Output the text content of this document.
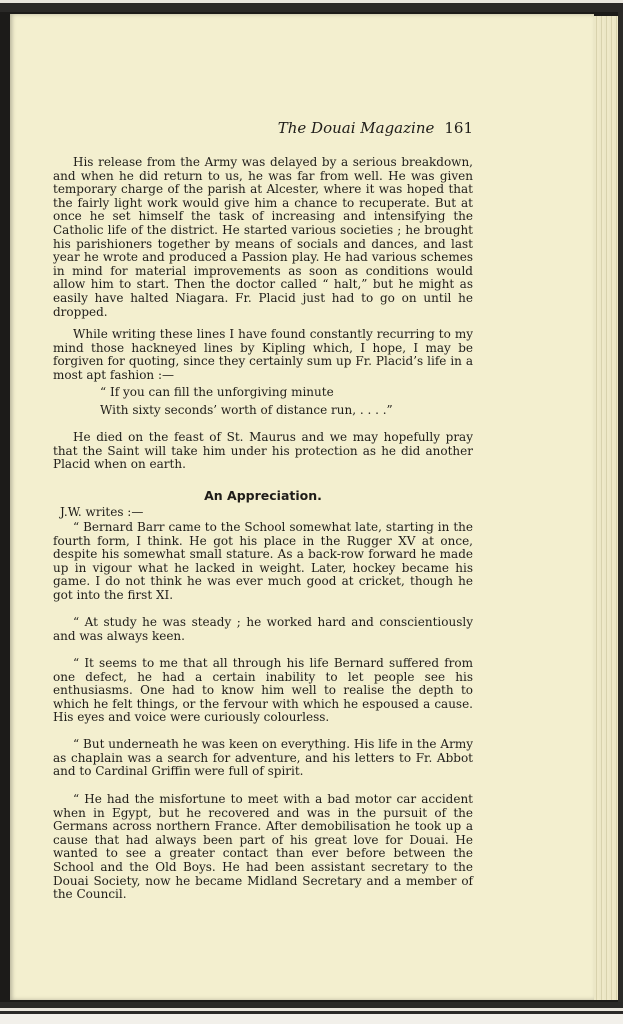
The Douai Magazine 161

His release from the Army was delayed by a serious breakdown, and when he did return to us, he was far from well. He was given temporary charge of the parish at Alcester, where it was hoped that the fairly light work would give him a chance to recuperate. But at once he set himself the task of increasing and intensifying the Catholic life of the district. He started various societies ; he brought his parishioners together by means of socials and dances, and last year he wrote and produced a Passion play. He had various schemes in mind for material improvements as soon as conditions would allow him to start. Then the doctor called “ halt,” but he might as easily have halted Niagara. Fr. Placid just had to go on until he dropped.

While writing these lines I have found constantly recurring to my mind those hackneyed lines by Kipling which, I hope, I may be forgiven for quoting, since they certainly sum up Fr. Placid’s life in a most apt fashion :—

“ If you can fill the unforgiving minute

With sixty seconds’ worth of distance run, . . . .”

He died on the feast of St. Maurus and we may hopefully pray that the Saint will take him under his protection as he did another Placid when on earth.

An Appreciation.

J.W. writes :—

“ Bernard Barr came to the School somewhat late, starting in the fourth form, I think. He got his place in the Rugger XV at once, despite his somewhat small stature. As a back-row forward he made up in vigour what he lacked in weight. Later, hockey became his game. I do not think he was ever much good at cricket, though he got into the first XI.

“ At study he was steady ; he worked hard and conscientiously and was always keen.

“ It seems to me that all through his life Bernard suffered from one defect, he had a certain inability to let people see his enthusiasms. One had to know him well to realise the depth to which he felt things, or the fervour with which he espoused a cause. His eyes and voice were curiously colourless.

“ But underneath he was keen on everything. His life in the Army as chaplain was a search for adventure, and his letters to Fr. Abbot and to Cardinal Griffin were full of spirit.

“ He had the misfortune to meet with a bad motor car accident when in Egypt, but he recovered and was in the pursuit of the Germans across northern France. After demobilisation he took up a cause that had always been part of his great love for Douai. He wanted to see a greater contact than ever before between the School and the Old Boys. He had been assistant secretary to the Douai Society, now he became Midland Secretary and a member of the Council.
